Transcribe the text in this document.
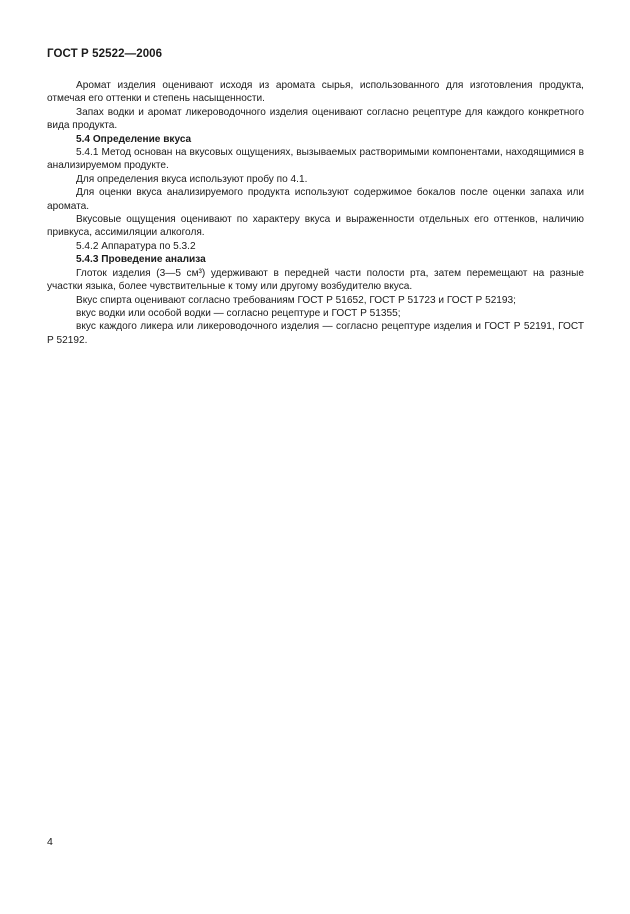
ГОСТ Р 52522—2006

Аромат изделия оценивают исходя из аромата сырья, использованного для изготовления продукта, отмечая его оттенки и степень насыщенности.

Запах водки и аромат ликероводочного изделия оценивают согласно рецептуре для каждого конкретного вида продукта.

5.4 Определение вкуса

5.4.1 Метод основан на вкусовых ощущениях, вызываемых растворимыми компонентами, находящимися в анализируемом продукте.

Для определения вкуса используют пробу по 4.1.

Для оценки вкуса анализируемого продукта используют содержимое бокалов после оценки запаха или аромата.

Вкусовые ощущения оценивают по характеру вкуса и выраженности отдельных его оттенков, наличию привкуса, ассимиляции алкоголя.

5.4.2 Аппаратура по 5.3.2

5.4.3 Проведение анализа

Глоток изделия (3—5 см³) удерживают в передней части полости рта, затем перемещают на разные участки языка, более чувствительные к тому или другому возбудителю вкуса.

Вкус спирта оценивают согласно требованиям ГОСТ Р 51652, ГОСТ Р 51723 и ГОСТ Р 52193;

вкус водки или особой водки — согласно рецептуре и ГОСТ Р 51355;

вкус каждого ликера или ликероводочного изделия — согласно рецептуре изделия и ГОСТ Р 52191, ГОСТ Р 52192.

4
